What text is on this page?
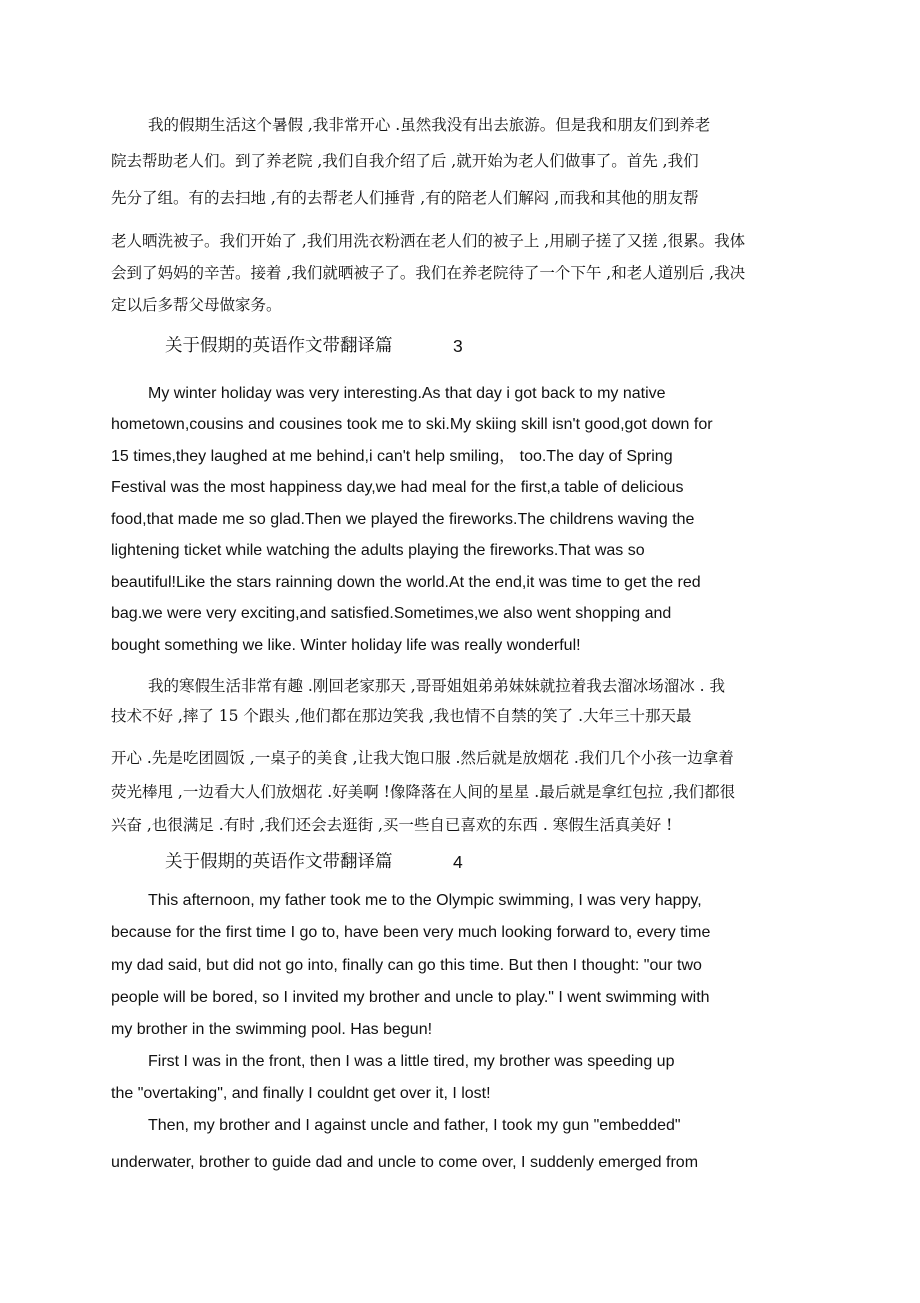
我的假期生活这个暑假 ,我非常开心 .虽然我没有出去旅游。但是我和朋友们到养老
院去帮助老人们。到了养老院 ,我们自我介绍了后 ,就开始为老人们做事了。首先 ,我们
先分了组。有的去扫地 ,有的去帮老人们捶背 ,有的陪老人们解闷 ,而我和其他的朋友帮
老人晒洗被子。我们开始了 ,我们用洗衣粉洒在老人们的被子上 ,用刷子搓了又搓 ,很累。我体
会到了妈妈的辛苦。接着 ,我们就晒被子了。我们在养老院待了一个下午 ,和老人道别后 ,我决
定以后多帮父母做家务。
关于假期的英语作文带翻译篇	3
My winter holiday was very interesting.As that day i got back to my native
hometown,cousins and cousines took me to ski.My skiing skill isn't good,got down for
15 times,they laughed at me behind,i can't help smiling， too.The day of Spring
Festival was the most happiness day,we had meal for the first,a table of delicious
food,that made me so glad.Then we played the fireworks.The childrens waving the
lightening ticket while watching the adults playing the fireworks.That was so
beautiful!Like the stars rainning down the world.At the end,it was time to get the red
bag.we were very exciting,and satisfied.Sometimes,we also went shopping and
bought something we like. Winter holiday life was really wonderful!
我的寒假生活非常有趣 .刚回老家那天 ,哥哥姐姐弟弟妹妹就拉着我去溜冰场溜冰 . 我
技术不好 ,摔了 15 个跟头 ,他们都在那边笑我 ,我也情不自禁的笑了 .大年三十那天最
开心 .先是吃团圆饭 ,一桌子的美食 ,让我大饱口服 .然后就是放烟花 .我们几个小孩一边拿着
荧光棒甩 ,一边看大人们放烟花 .好美啊 !像降落在人间的星星 .最后就是拿红包拉 ,我们都很
兴奋 ,也很满足 .有时 ,我们还会去逛街 ,买一些自已喜欢的东西 . 寒假生活真美好 !
关于假期的英语作文带翻译篇	4
This afternoon, my father took me to the Olympic swimming, I was very happy,
because for the first time I go to, have been very much looking forward to, every time
my dad said, but did not go into, finally can go this time. But then I thought: "our two
people will be bored, so I invited my brother and uncle to play." I went swimming with
my brother in the swimming pool. Has begun!
First I was in the front, then I was a little tired, my brother was speeding up
the "overtaking", and finally I couldnt get over it, I lost!
Then, my brother and I against uncle and father, I took my gun "embedded"
underwater, brother to guide dad and uncle to come over, I suddenly emerged from
